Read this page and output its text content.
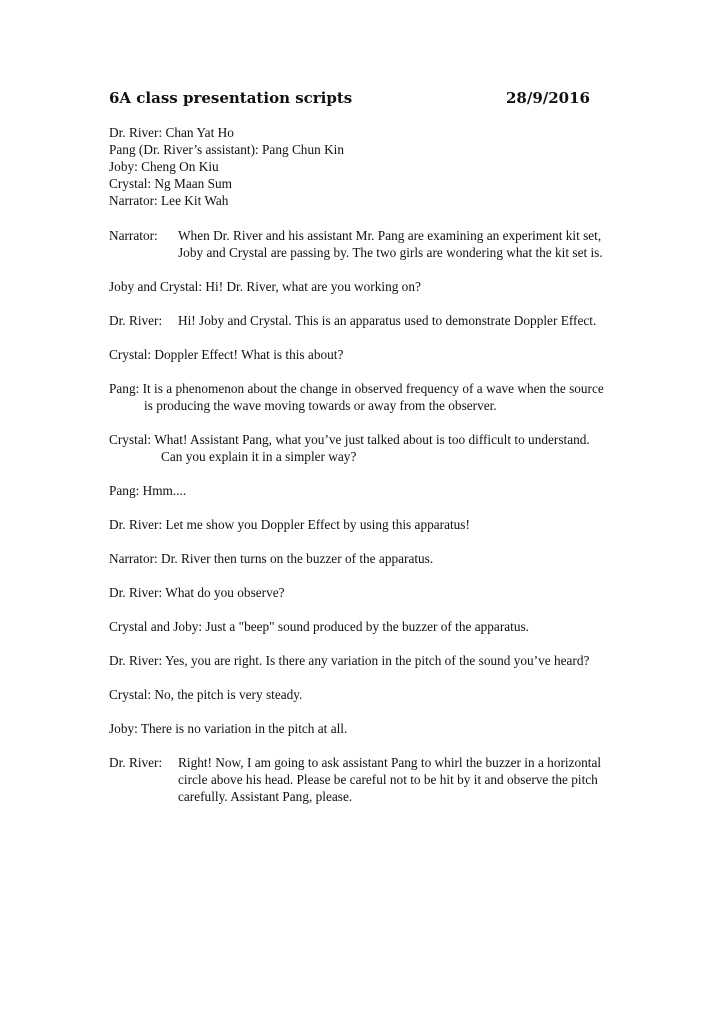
6A class presentation scripts	28/9/2016
Dr. River: Chan Yat Ho
Pang (Dr. River’s assistant): Pang Chun Kin
Joby: Cheng On Kiu
Crystal: Ng Maan Sum
Narrator: Lee Kit Wah
Narrator:	When Dr. River and his assistant Mr. Pang are examining an experiment kit set, Joby and Crystal are passing by. The two girls are wondering what the kit set is.
Joby and Crystal: Hi! Dr. River, what are you working on?
Dr. River:	Hi! Joby and Crystal. This is an apparatus used to demonstrate Doppler Effect.
Crystal: Doppler Effect! What is this about?
Pang: It is a phenomenon about the change in observed frequency of a wave when the source is producing the wave moving towards or away from the observer.
Crystal: What! Assistant Pang, what you’ve just talked about is too difficult to understand. Can you explain it in a simpler way?
Pang: Hmm....
Dr. River: Let me show you Doppler Effect by using this apparatus!
Narrator: Dr. River then turns on the buzzer of the apparatus.
Dr. River: What do you observe?
Crystal and Joby: Just a "beep" sound produced by the buzzer of the apparatus.
Dr. River: Yes, you are right. Is there any variation in the pitch of the sound you’ve heard?
Crystal: No, the pitch is very steady.
Joby: There is no variation in the pitch at all.
Dr. River:	Right! Now, I am going to ask assistant Pang to whirl the buzzer in a horizontal circle above his head. Please be careful not to be hit by it and observe the pitch carefully. Assistant Pang, please.
